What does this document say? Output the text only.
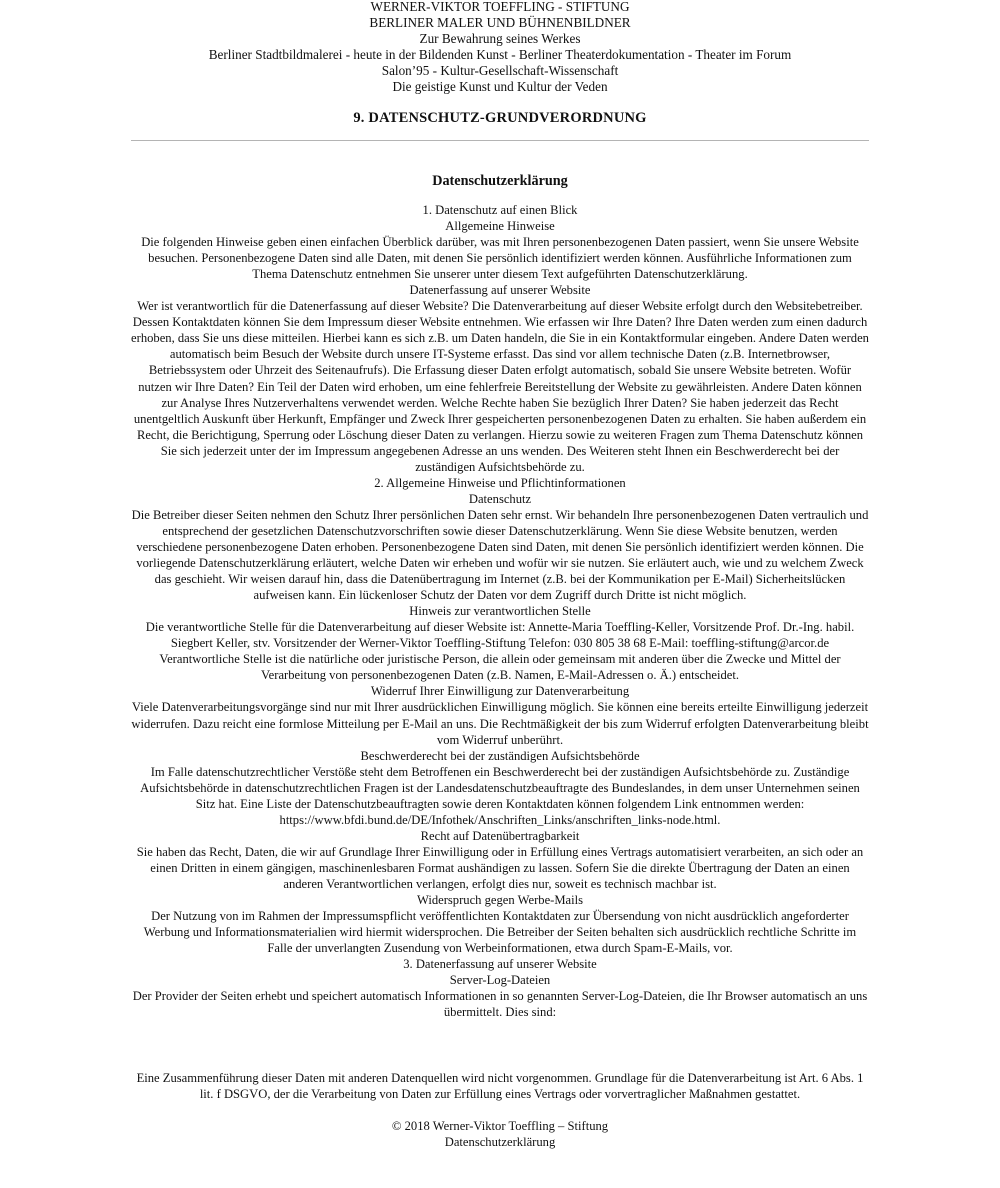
WERNER-VIKTOR TOEFFLING - STIFTUNG
BERLINER MALER UND BÜHNENBILDNER
Zur Bewahrung seines Werkes
Berliner Stadtbildmalerei - heute in der Bildenden Kunst - Berliner Theaterdokumentation - Theater im Forum
Salon’95 - Kultur-Gesellschaft-Wissenschaft
Die geistige Kunst und Kultur der Veden
9. DATENSCHUTZ-GRUNDVERORDNUNG
Datenschutzerklärung
1. Datenschutz auf einen Blick
Allgemeine Hinweise
Die folgenden Hinweise geben einen einfachen Überblick darüber, was mit Ihren personenbezogenen Daten passiert, wenn Sie unsere Website besuchen. Personenbezogene Daten sind alle Daten, mit denen Sie persönlich identifiziert werden können. Ausführliche Informationen zum Thema Datenschutz entnehmen Sie unserer unter diesem Text aufgeführten Datenschutzerklärung.
Datenerfassung auf unserer Website
Wer ist verantwortlich für die Datenerfassung auf dieser Website? Die Datenverarbeitung auf dieser Website erfolgt durch den Websitebetreiber. Dessen Kontaktdaten können Sie dem Impressum dieser Website entnehmen. Wie erfassen wir Ihre Daten? Ihre Daten werden zum einen dadurch erhoben, dass Sie uns diese mitteilen. Hierbei kann es sich z.B. um Daten handeln, die Sie in ein Kontaktformular eingeben. Andere Daten werden automatisch beim Besuch der Website durch unsere IT-Systeme erfasst. Das sind vor allem technische Daten (z.B. Internetbrowser, Betriebssystem oder Uhrzeit des Seitenaufrufs). Die Erfassung dieser Daten erfolgt automatisch, sobald Sie unsere Website betreten. Wofür nutzen wir Ihre Daten? Ein Teil der Daten wird erhoben, um eine fehlerfreie Bereitstellung der Website zu gewährleisten. Andere Daten können zur Analyse Ihres Nutzerverhaltens verwendet werden. Welche Rechte haben Sie bezüglich Ihrer Daten? Sie haben jederzeit das Recht unentgeltlich Auskunft über Herkunft, Empfänger und Zweck Ihrer gespeicherten personenbezogenen Daten zu erhalten. Sie haben außerdem ein Recht, die Berichtigung, Sperrung oder Löschung dieser Daten zu verlangen. Hierzu sowie zu weiteren Fragen zum Thema Datenschutz können Sie sich jederzeit unter der im Impressum angegebenen Adresse an uns wenden. Des Weiteren steht Ihnen ein Beschwerderecht bei der zuständigen Aufsichtsbehörde zu.
2. Allgemeine Hinweise und Pflichtinformationen
Datenschutz
Die Betreiber dieser Seiten nehmen den Schutz Ihrer persönlichen Daten sehr ernst. Wir behandeln Ihre personenbezogenen Daten vertraulich und entsprechend der gesetzlichen Datenschutzvorschriften sowie dieser Datenschutzerklärung. Wenn Sie diese Website benutzen, werden verschiedene personenbezogene Daten erhoben. Personenbezogene Daten sind Daten, mit denen Sie persönlich identifiziert werden können. Die vorliegende Datenschutzerklärung erläutert, welche Daten wir erheben und wofür wir sie nutzen. Sie erläutert auch, wie und zu welchem Zweck das geschieht. Wir weisen darauf hin, dass die Datenübertragung im Internet (z.B. bei der Kommunikation per E-Mail) Sicherheitslücken aufweisen kann. Ein lückenloser Schutz der Daten vor dem Zugriff durch Dritte ist nicht möglich.
Hinweis zur verantwortlichen Stelle
Die verantwortliche Stelle für die Datenverarbeitung auf dieser Website ist: Annette-Maria Toeffling-Keller, Vorsitzende Prof. Dr.-Ing. habil. Siegbert Keller, stv. Vorsitzender der Werner-Viktor Toeffling-Stiftung Telefon: 030 805 38 68 E-Mail: toeffling-stiftung@arcor.de Verantwortliche Stelle ist die natürliche oder juristische Person, die allein oder gemeinsam mit anderen über die Zwecke und Mittel der Verarbeitung von personenbezogenen Daten (z.B. Namen, E-Mail-Adressen o. Ä.) entscheidet.
Widerruf Ihrer Einwilligung zur Datenverarbeitung
Viele Datenverarbeitungsvorgänge sind nur mit Ihrer ausdrücklichen Einwilligung möglich. Sie können eine bereits erteilte Einwilligung jederzeit widerrufen. Dazu reicht eine formlose Mitteilung per E-Mail an uns. Die Rechtmäßigkeit der bis zum Widerruf erfolgten Datenverarbeitung bleibt vom Widerruf unberührt.
Beschwerderecht bei der zuständigen Aufsichtsbehörde
Im Falle datenschutzrechtlicher Verstöße steht dem Betroffenen ein Beschwerderecht bei der zuständigen Aufsichtsbehörde zu. Zuständige Aufsichtsbehörde in datenschutzrechtlichen Fragen ist der Landesdatenschutzbeauftragte des Bundeslandes, in dem unser Unternehmen seinen Sitz hat. Eine Liste der Datenschutzbeauftragten sowie deren Kontaktdaten können folgendem Link entnommen werden: https://www.bfdi.bund.de/DE/Infothek/Anschriften_Links/anschriften_links-node.html.
Recht auf Datenübertragbarkeit
Sie haben das Recht, Daten, die wir auf Grundlage Ihrer Einwilligung oder in Erfüllung eines Vertrags automatisiert verarbeiten, an sich oder an einen Dritten in einem gängigen, maschinenlesbaren Format aushändigen zu lassen. Sofern Sie die direkte Übertragung der Daten an einen anderen Verantwortlichen verlangen, erfolgt dies nur, soweit es technisch machbar ist.
Widerspruch gegen Werbe-Mails
Der Nutzung von im Rahmen der Impressumspflicht veröffentlichten Kontaktdaten zur Übersendung von nicht ausdrücklich angeforderter Werbung und Informationsmaterialien wird hiermit widersprochen. Die Betreiber der Seiten behalten sich ausdrücklich rechtliche Schritte im Falle der unverlangten Zusendung von Werbeinformationen, etwa durch Spam-E-Mails, vor.
3. Datenerfassung auf unserer Website
Server-Log-Dateien
Der Provider der Seiten erhebt und speichert automatisch Informationen in so genannten Server-Log-Dateien, die Ihr Browser automatisch an uns übermittelt. Dies sind:
Eine Zusammenführung dieser Daten mit anderen Datenquellen wird nicht vorgenommen. Grundlage für die Datenverarbeitung ist Art. 6 Abs. 1 lit. f DSGVO, der die Verarbeitung von Daten zur Erfüllung eines Vertrags oder vorvertraglicher Maßnahmen gestattet.
© 2018 Werner-Viktor Toeffling – Stiftung
Datenschutzerklärung
